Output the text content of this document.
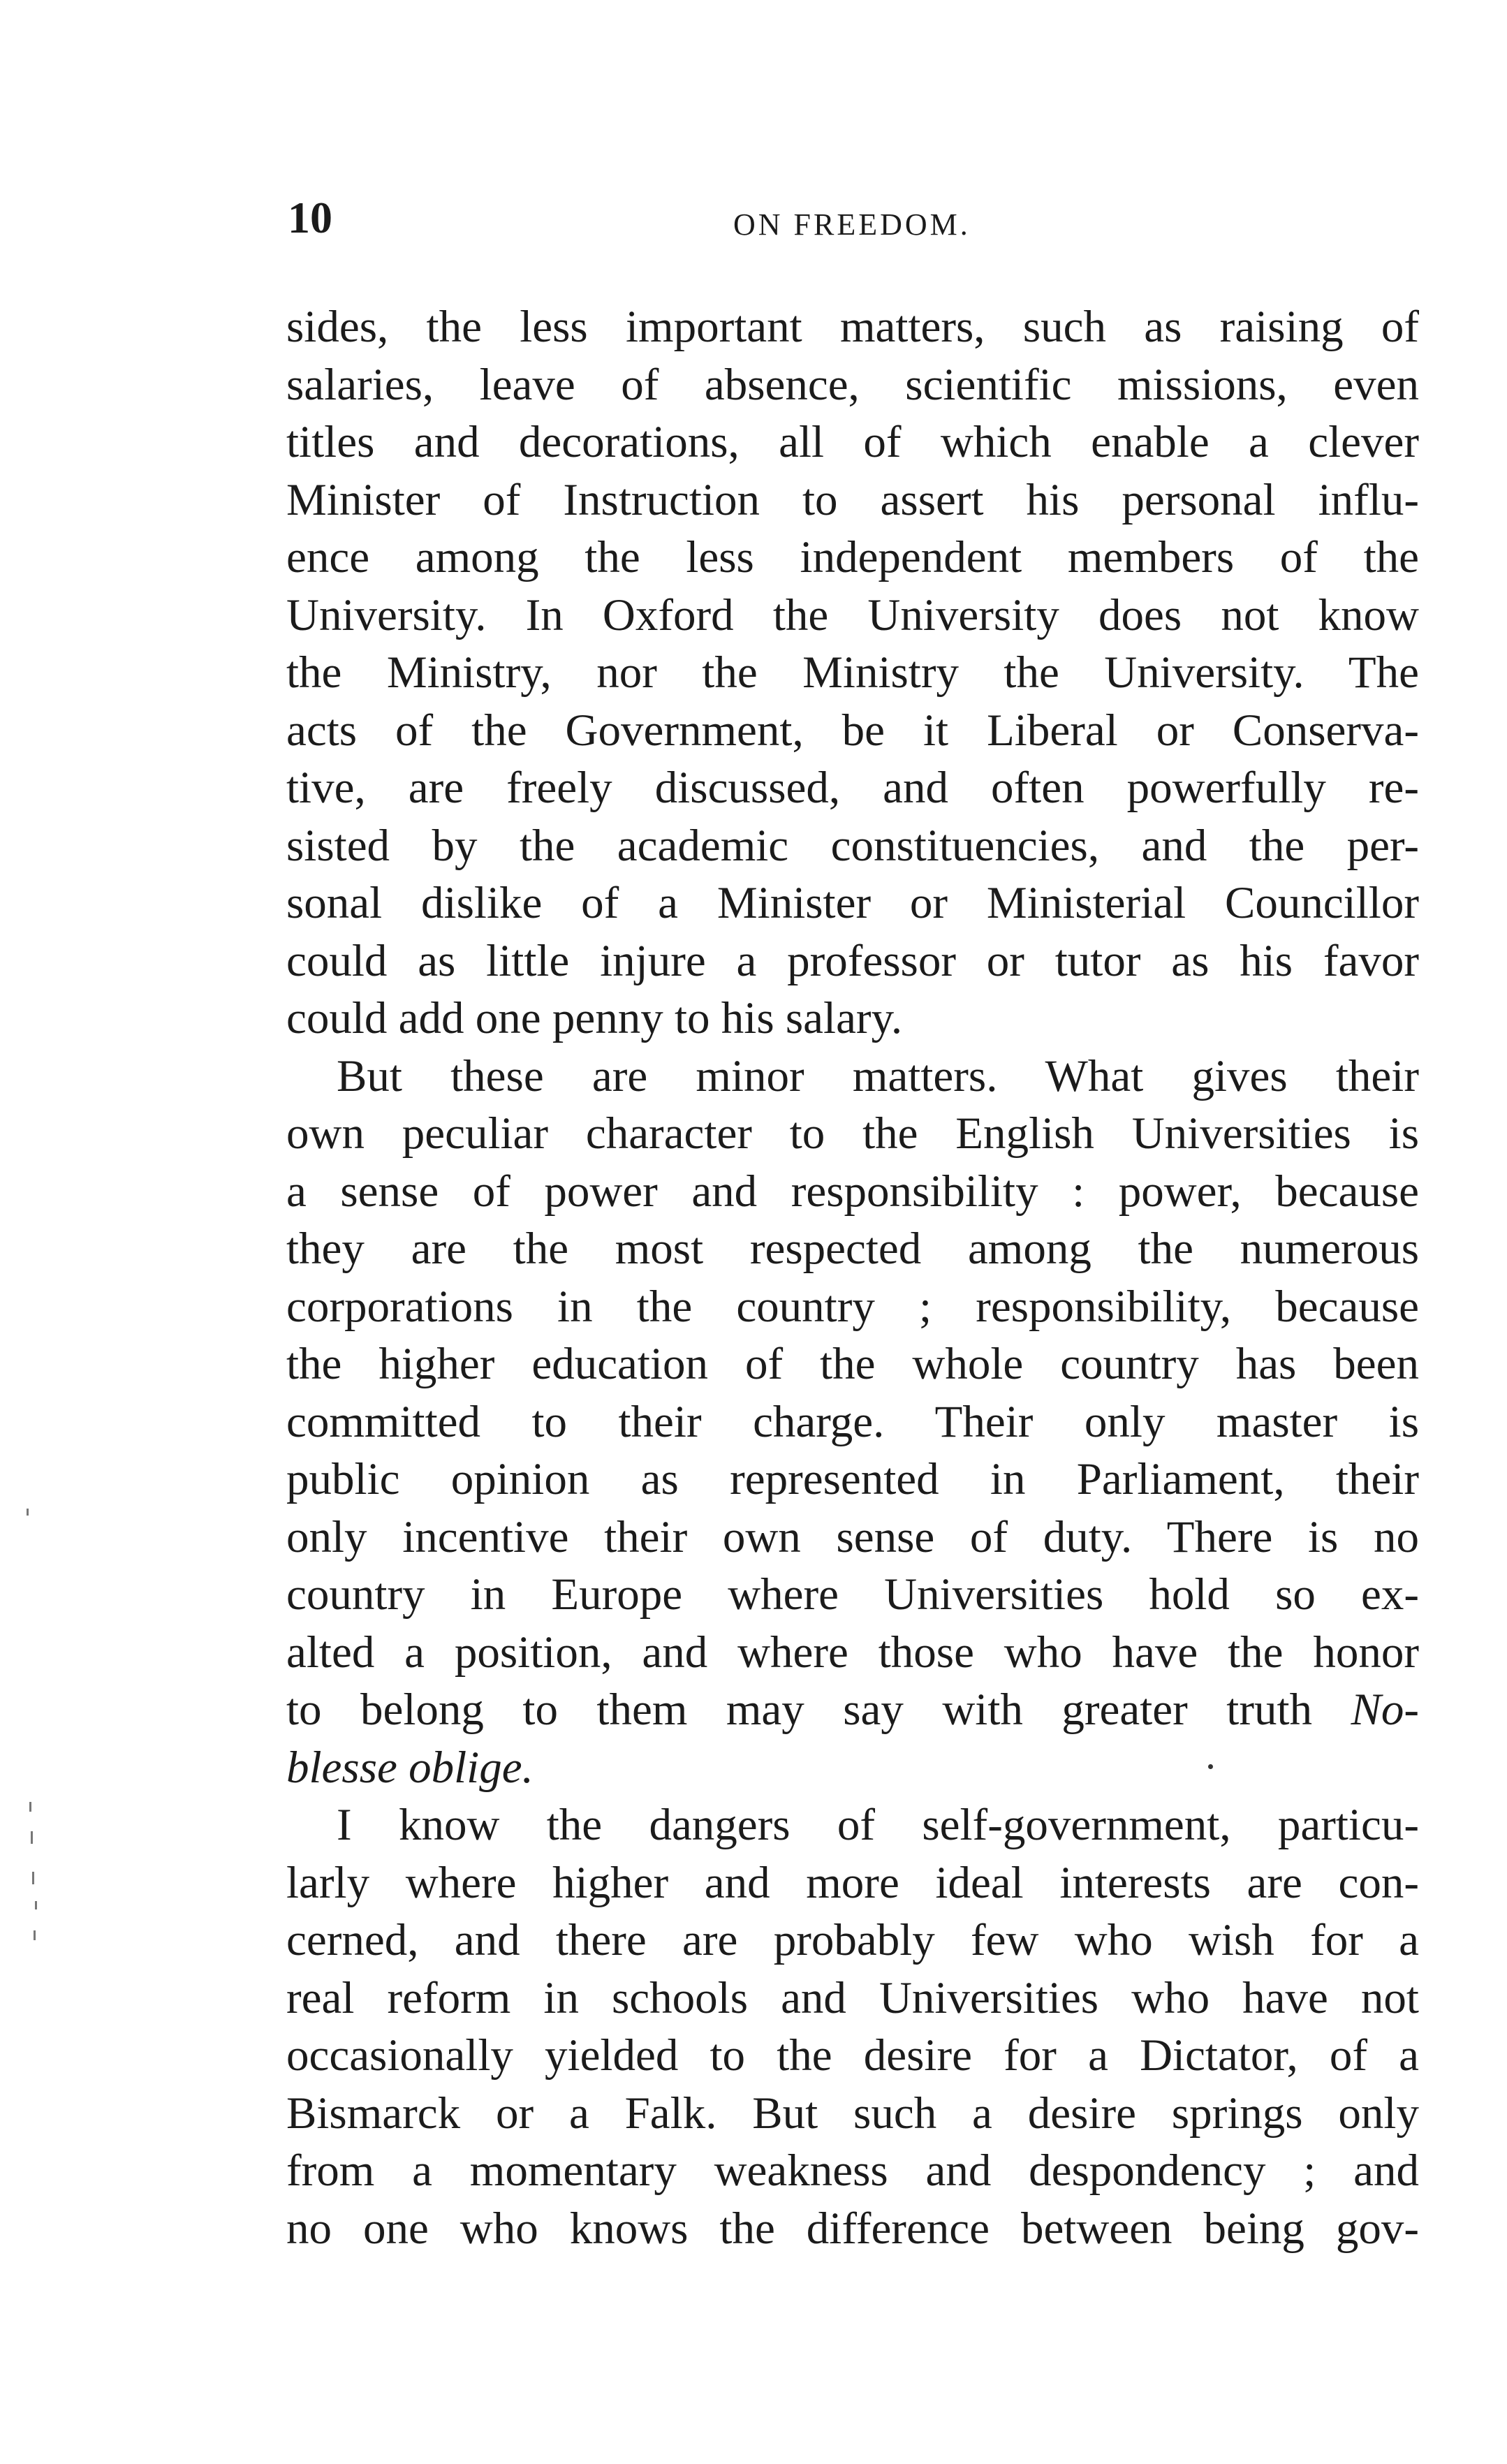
10	ON FREEDOM.
sides, the less important matters, such as raising of
salaries, leave of absence, scientific missions, even
titles and decorations, all of which enable a clever
Minister of Instruction to assert his personal influ-
ence among the less independent members of the
University. In Oxford the University does not know
the Ministry, nor the Ministry the University. The
acts of the Government, be it Liberal or Conserva-
tive, are freely discussed, and often powerfully re-
sisted by the academic constituencies, and the per-
sonal dislike of a Minister or Ministerial Councillor
could as little injure a professor or tutor as his favor
could add one penny to his salary.
But these are minor matters. What gives their
own peculiar character to the English Universities is
a sense of power and responsibility : power, because
they are the most respected among the numerous
corporations in the country ; responsibility, because
the higher education of the whole country has been
committed to their charge. Their only master is
public opinion as represented in Parliament, their
only incentive their own sense of duty. There is no
country in Europe where Universities hold so ex-
alted a position, and where those who have the honor
to belong to them may say with greater truth No-
blesse oblige.
I know the dangers of self-government, particu-
larly where higher and more ideal interests are con-
cerned, and there are probably few who wish for a
real reform in schools and Universities who have not
occasionally yielded to the desire for a Dictator, of a
Bismarck or a Falk. But such a desire springs only
from a momentary weakness and despondency ; and
no one who knows the difference between being gov-
